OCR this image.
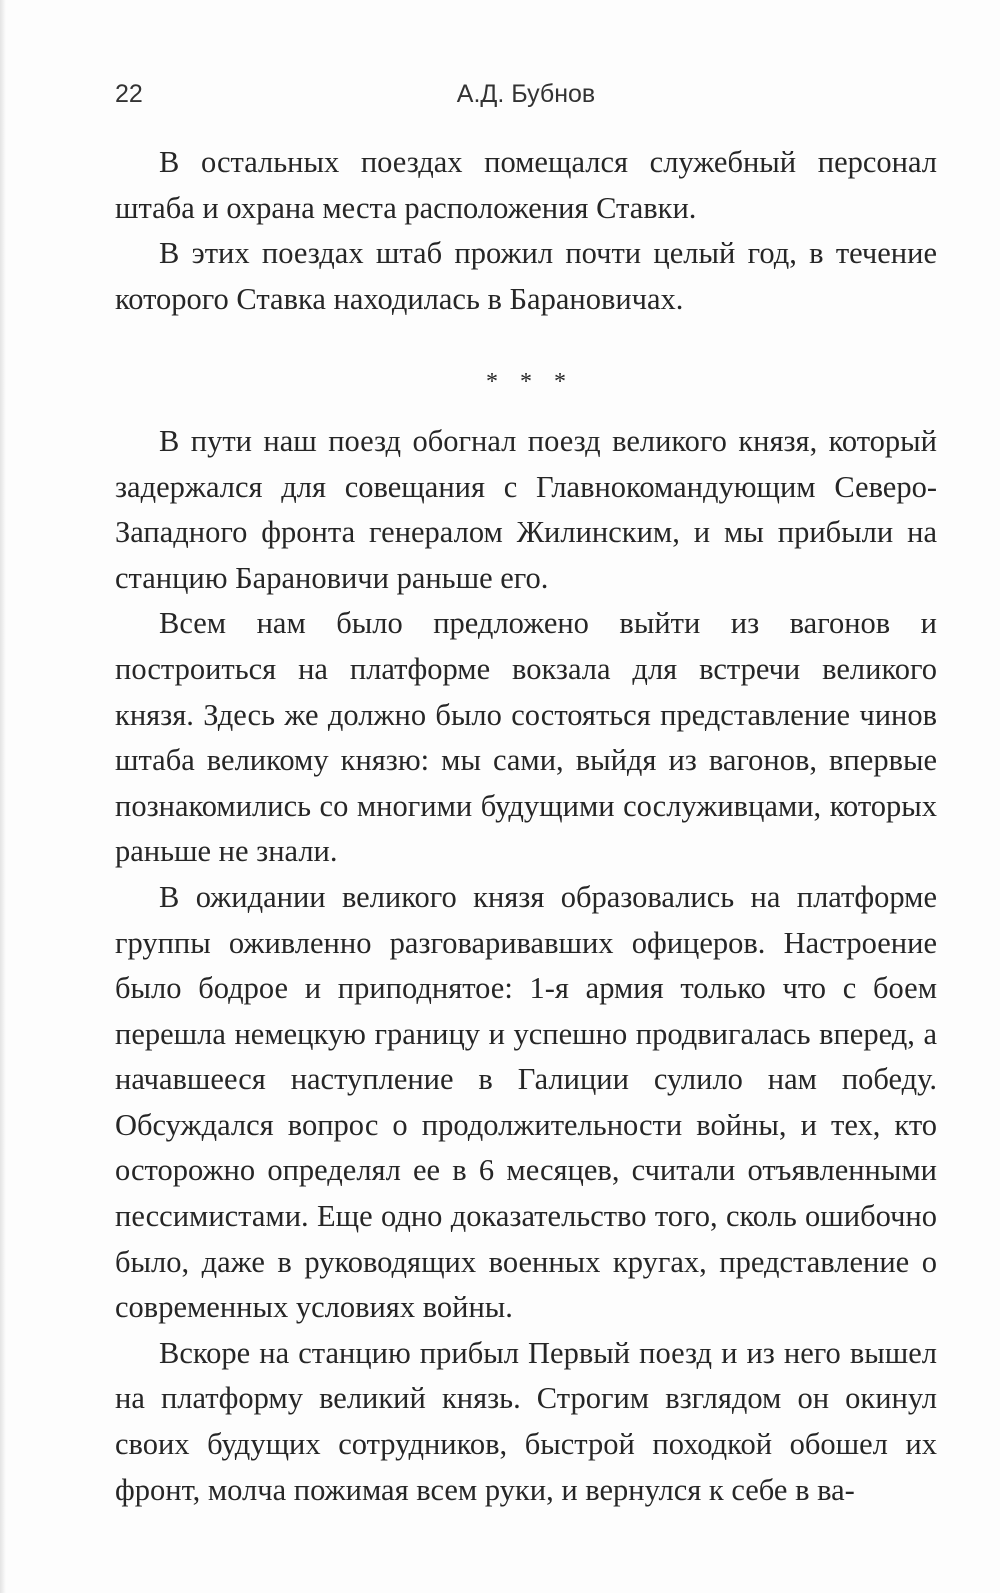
22	А.Д. Бубнов

В остальных поездах помещался служебный персонал штаба и охрана места расположения Ставки.

В этих поездах штаб прожил почти целый год, в течение которого Ставка находилась в Барановичах.

* * *

В пути наш поезд обогнал поезд великого князя, который задержался для совещания с Главнокомандующим Северо-Западного фронта генералом Жилинским, и мы прибыли на станцию Барановичи раньше его.

Всем нам было предложено выйти из вагонов и построиться на платформе вокзала для встречи великого князя. Здесь же должно было состояться представление чинов штаба великому князю: мы сами, выйдя из вагонов, впервые познакомились со многими будущими сослуживцами, которых раньше не знали.

В ожидании великого князя образовались на платформе группы оживленно разговаривавших офицеров. Настроение было бодрое и приподнятое: 1-я армия только что с боем перешла немецкую границу и успешно продвигалась вперед, а начавшееся наступление в Галиции сулило нам победу. Обсуждался вопрос о продолжительности войны, и тех, кто осторожно определял ее в 6 месяцев, считали отъявленными пессимистами. Еще одно доказательство того, сколь ошибочно было, даже в руководящих военных кругах, представление о современных условиях войны.

Вскоре на станцию прибыл Первый поезд и из него вышел на платформу великий князь. Строгим взглядом он окинул своих будущих сотрудников, быстрой походкой обошел их фронт, молча пожимая всем руки, и вернулся к себе в ва-
